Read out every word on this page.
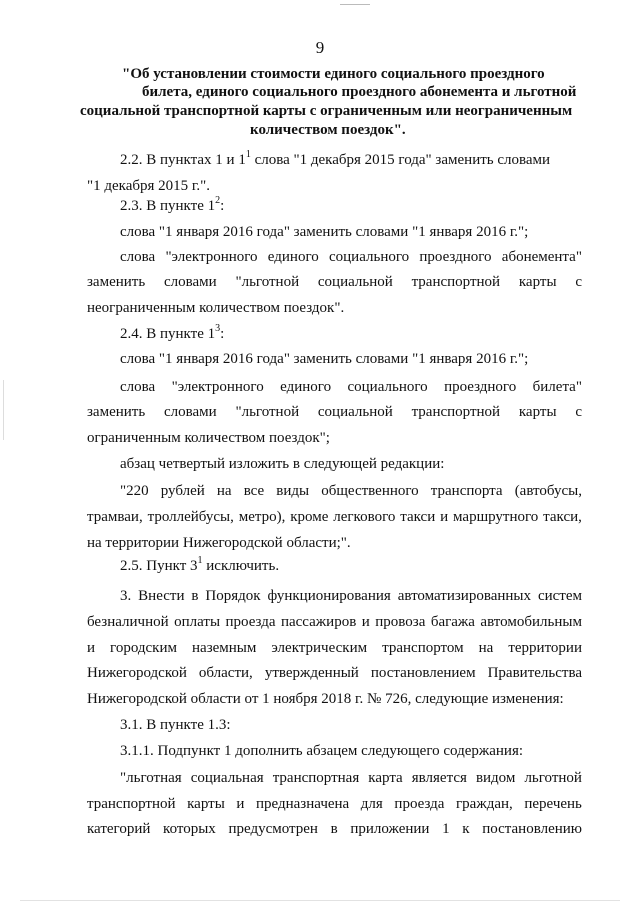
9
"Об установлении стоимости единого социального проездного
билета, единого социального проездного абонемента и льготной
социальной транспортной карты с ограниченным или неограниченным
количеством поездок".
2.2. В пунктах 1 и $1^1$ слова "1 декабря 2015 года" заменить словами
"1 декабря 2015 г.".
2.3. В пункте $1^2$:
слова "1 января 2016 года" заменить словами "1 января 2016 г.";
слова "электронного единого социального проездного абонемента"
заменить словами "льготной социальной транспортной карты с
неограниченным количеством поездок".
2.4. В пункте $1^3$:
слова "1 января 2016 года" заменить словами "1 января 2016 г.";
слова "электронного единого социального проездного билета"
заменить словами "льготной социальной транспортной карты с
ограниченным количеством поездок";
абзац четвертый изложить в следующей редакции:
"220 рублей на все виды общественного транспорта (автобусы,
трамваи, троллейбусы, метро), кроме легкового такси и маршрутного такси,
на территории Нижегородской области;".
2.5. Пункт $3^1$ исключить.
3. Внести в Порядок функционирования автоматизированных систем
безналичной оплаты проезда пассажиров и провоза багажа автомобильным
и городским наземным электрическим транспортом на территории
Нижегородской области, утвержденный постановлением Правительства
Нижегородской области от 1 ноября 2018 г. № 726, следующие изменения:
3.1. В пункте 1.3:
3.1.1. Подпункт 1 дополнить абзацем следующего содержания:
"льготная социальная транспортная карта является видом льготной
транспортной карты и предназначена для проезда граждан, перечень
категорий которых предусмотрен в приложении 1 к постановлению
